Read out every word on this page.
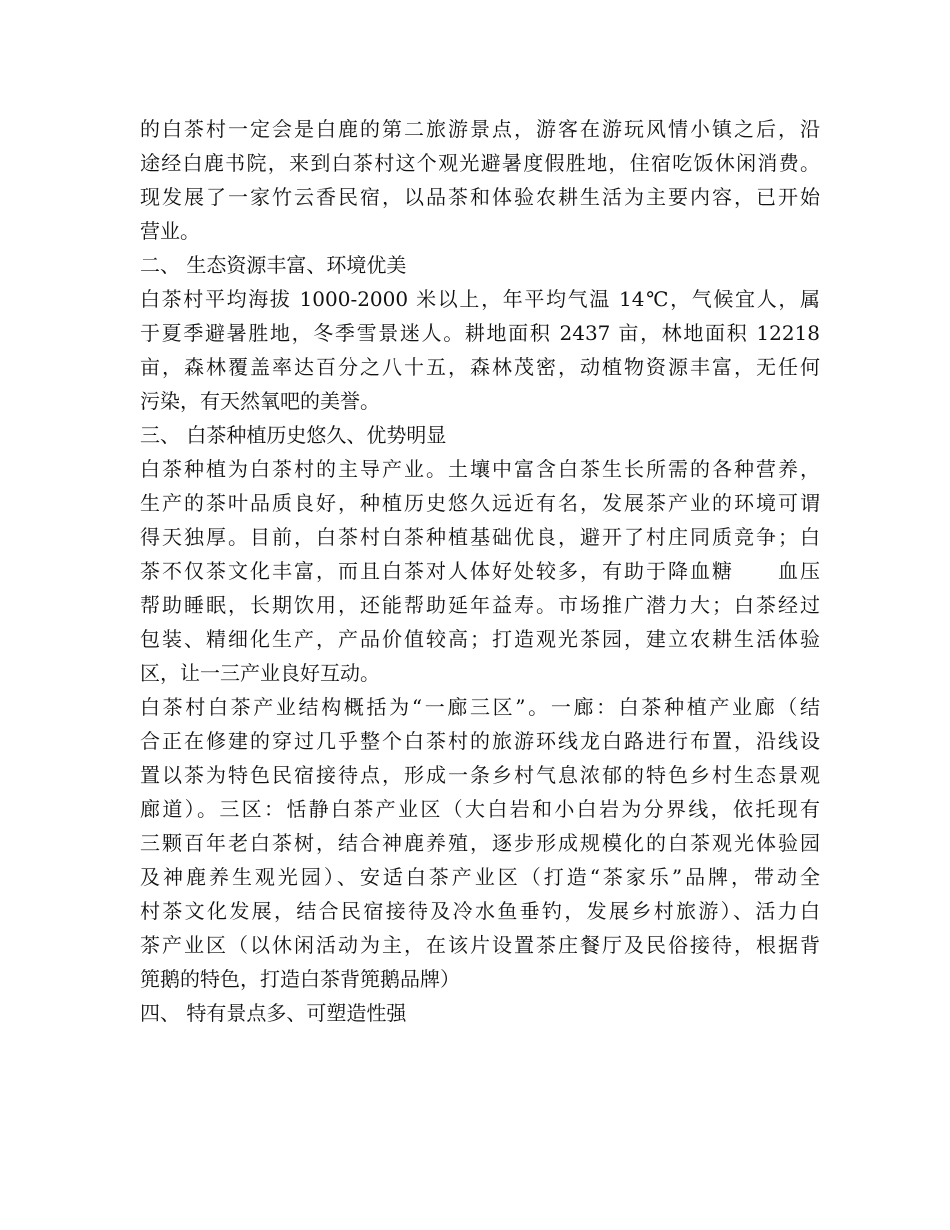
的白茶村一定会是白鹿的第二旅游景点，游客在游玩风情小镇之后，沿
途经白鹿书院，来到白茶村这个观光避暑度假胜地，住宿吃饭休闲消费。
现发展了一家竹云香民宿，以品茶和体验农耕生活为主要内容，已开始
营业。
二、 生态资源丰富、环境优美
白茶村平均海拔 1000-2000 米以上，年平均气温 14℃，气候宜人，属
于夏季避暑胜地，冬季雪景迷人。耕地面积 2437 亩，林地面积 12218
亩，森林覆盖率达百分之八十五，森林茂密，动植物资源丰富，无任何
污染，有天然氧吧的美誉。
三、 白茶种植历史悠久、优势明显
白茶种植为白茶村的主导产业。土壤中富含白茶生长所需的各种营养，
生产的茶叶品质良好，种植历史悠久远近有名，发展茶产业的环境可谓
得天独厚。目前，白茶村白茶种植基础优良，避开了村庄同质竞争；白
茶不仅茶文化丰富，而且白茶对人体好处较多，有助于降血糖　　血压
帮助睡眠，长期饮用，还能帮助延年益寿。市场推广潜力大；白茶经过
包装、精细化生产，产品价值较高；打造观光茶园，建立农耕生活体验
区，让一三产业良好互动。
白茶村白茶产业结构概括为“一廊三区”。一廊：白茶种植产业廊（结
合正在修建的穿过几乎整个白茶村的旅游环线龙白路进行布置，沿线设
置以茶为特色民宿接待点，形成一条乡村气息浓郁的特色乡村生态景观
廊道）。三区：恬静白茶产业区（大白岩和小白岩为分界线，依托现有
三颗百年老白茶树，结合神鹿养殖，逐步形成规模化的白茶观光体验园
及神鹿养生观光园）、安适白茶产业区（打造“茶家乐”品牌，带动全
村茶文化发展，结合民宿接待及冷水鱼垂钓，发展乡村旅游）、活力白
茶产业区（以休闲活动为主，在该片设置茶庄餐厅及民俗接待，根据背
篼鹅的特色，打造白茶背篼鹅品牌）
四、 特有景点多、可塑造性强
